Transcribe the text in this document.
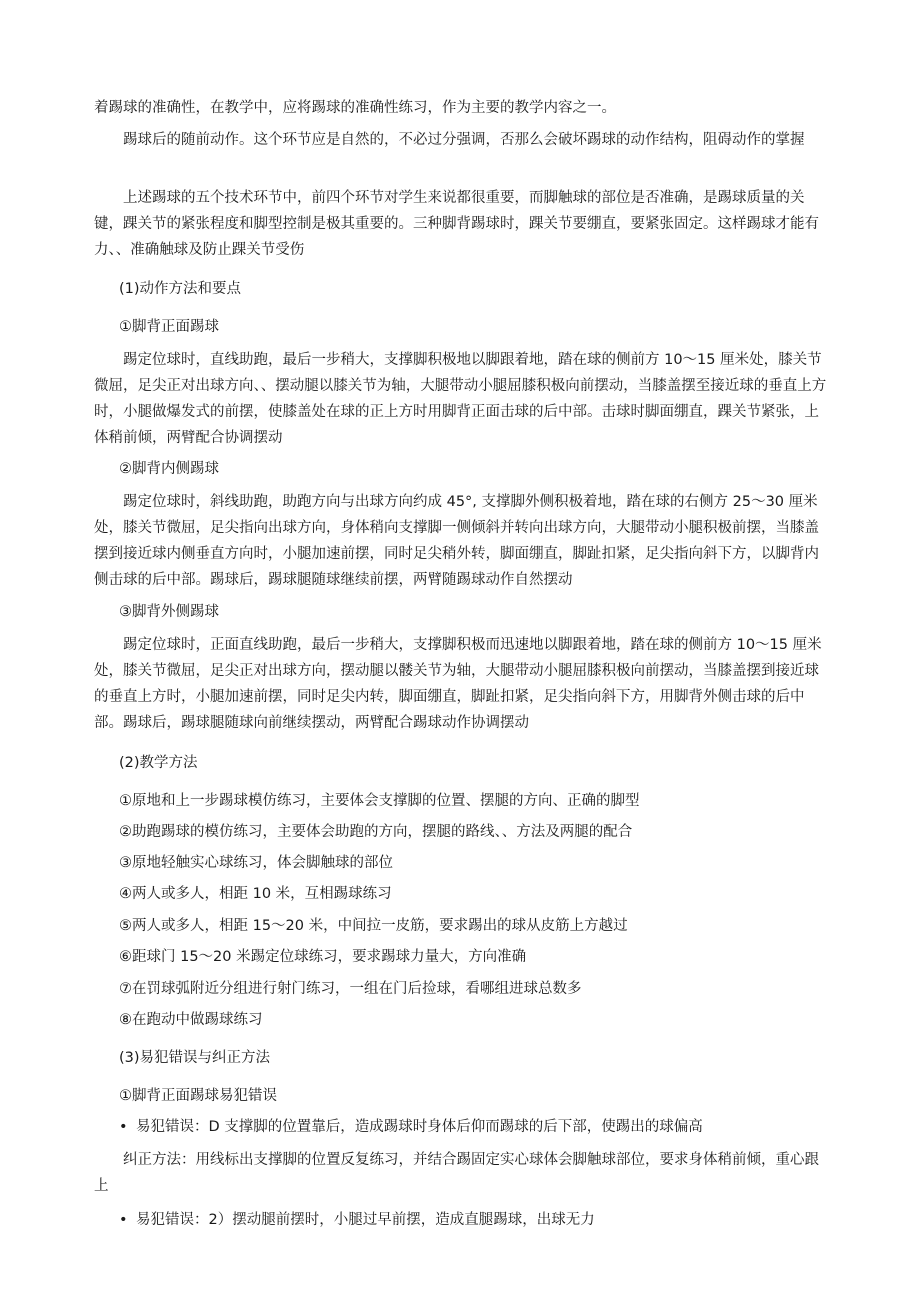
着踢球的准确性，在教学中，应将踢球的准确性练习，作为主要的教学内容之一。

踢球后的随前动作。这个环节应是自然的，不必过分强调，否那么会破坏踢球的动作结构，阻碍动作的掌握

上述踢球的五个技术环节中，前四个环节对学生来说都很重要，而脚触球的部位是否准确，是踢球质量的关键，踝关节的紧张程度和脚型控制是极其重要的。三种脚背踢球时，踝关节要绷直，要紧张固定。这样踢球才能有力、、准确触球及防止踝关节受伤

(1)动作方法和要点

①脚背正面踢球

踢定位球时，直线助跑，最后一步稍大，支撑脚积极地以脚跟着地，踏在球的侧前方 10～15 厘米处，膝关节微屈，足尖正对出球方向、、摆动腿以膝关节为轴，大腿带动小腿屈膝积极向前摆动，当膝盖摆至接近球的垂直上方时，小腿做爆发式的前摆，使膝盖处在球的正上方时用脚背正面击球的后中部。击球时脚面绷直，踝关节紧张，上体稍前倾，两臂配合协调摆动

②脚背内侧踢球

踢定位球时，斜线助跑，助跑方向与出球方向约成 45°, 支撑脚外侧积极着地，踏在球的右侧方 25～30 厘米处，膝关节微屈，足尖指向出球方向，身体稍向支撑脚一侧倾斜并转向出球方向，大腿带动小腿积极前摆，当膝盖摆到接近球内侧垂直方向时，小腿加速前摆，同时足尖稍外转，脚面绷直，脚趾扣紧，足尖指向斜下方，以脚背内侧击球的后中部。踢球后，踢球腿随球继续前摆，两臂随踢球动作自然摆动

③脚背外侧踢球

踢定位球时，正面直线助跑，最后一步稍大，支撑脚积极而迅速地以脚跟着地，踏在球的侧前方 10～15 厘米处，膝关节微屈，足尖正对出球方向，摆动腿以髅关节为轴，大腿带动小腿屈膝积极向前摆动，当膝盖摆到接近球的垂直上方时，小腿加速前摆，同时足尖内转，脚面绷直，脚趾扣紧，足尖指向斜下方，用脚背外侧击球的后中部。踢球后，踢球腿随球向前继续摆动，两臂配合踢球动作协调摆动

(2)教学方法

①原地和上一步踢球模仿练习，主要体会支撑脚的位置、摆腿的方向、正确的脚型

②助跑踢球的模仿练习，主要体会助跑的方向，摆腿的路线、、方法及两腿的配合

③原地轻触实心球练习，体会脚触球的部位

④两人或多人，相距 10 米，互相踢球练习

⑤两人或多人，相距 15～20 米，中间拉一皮筋，要求踢出的球从皮筋上方越过

⑥距球门 15～20 米踢定位球练习，要求踢球力量大，方向准确

⑦在罚球弧附近分组进行射门练习，一组在门后捡球，看哪组进球总数多

⑧在跑动中做踢球练习

(3)易犯错误与纠正方法

①脚背正面踢球易犯错误

• 易犯错误：D 支撑脚的位置靠后，造成踢球时身体后仰而踢球的后下部，使踢出的球偏高

纠正方法：用线标出支撑脚的位置反复练习，并结合踢固定实心球体会脚触球部位，要求身体稍前倾，重心跟上

• 易犯错误：2）摆动腿前摆时，小腿过早前摆，造成直腿踢球，出球无力
